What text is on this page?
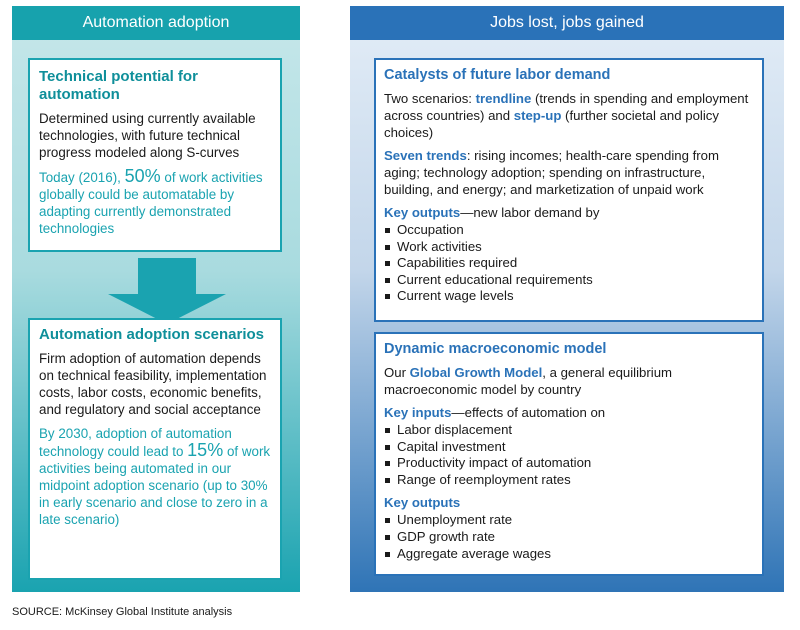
Automation adoption
Technical potential for automation
Determined using currently available technologies, with future technical progress modeled along S-curves
Today (2016), 50% of work activities globally could be automatable by adapting currently demonstrated technologies
Automation adoption scenarios
Firm adoption of automation depends on technical feasibility, implementation costs, labor costs, economic benefits, and regulatory and social acceptance
By 2030, adoption of automation technology could lead to 15% of work activities being automated in our midpoint adoption scenario (up to 30% in early scenario and close to zero in a late scenario)
Jobs lost, jobs gained
Catalysts of future labor demand
Two scenarios: trendline (trends in spending and employment across countries) and step-up (further societal and policy choices)
Seven trends: rising incomes; health-care spending from aging; technology adoption; spending on infrastructure, building, and energy; and marketization of unpaid work
Key outputs—new labor demand by
Occupation
Work activities
Capabilities required
Current educational requirements
Current wage levels
Dynamic macroeconomic model
Our Global Growth Model, a general equilibrium macroeconomic model by country
Key inputs—effects of automation on
Labor displacement
Capital investment
Productivity impact of automation
Range of reemployment rates
Key outputs
Unemployment rate
GDP growth rate
Aggregate average wages
SOURCE: McKinsey Global Institute analysis
